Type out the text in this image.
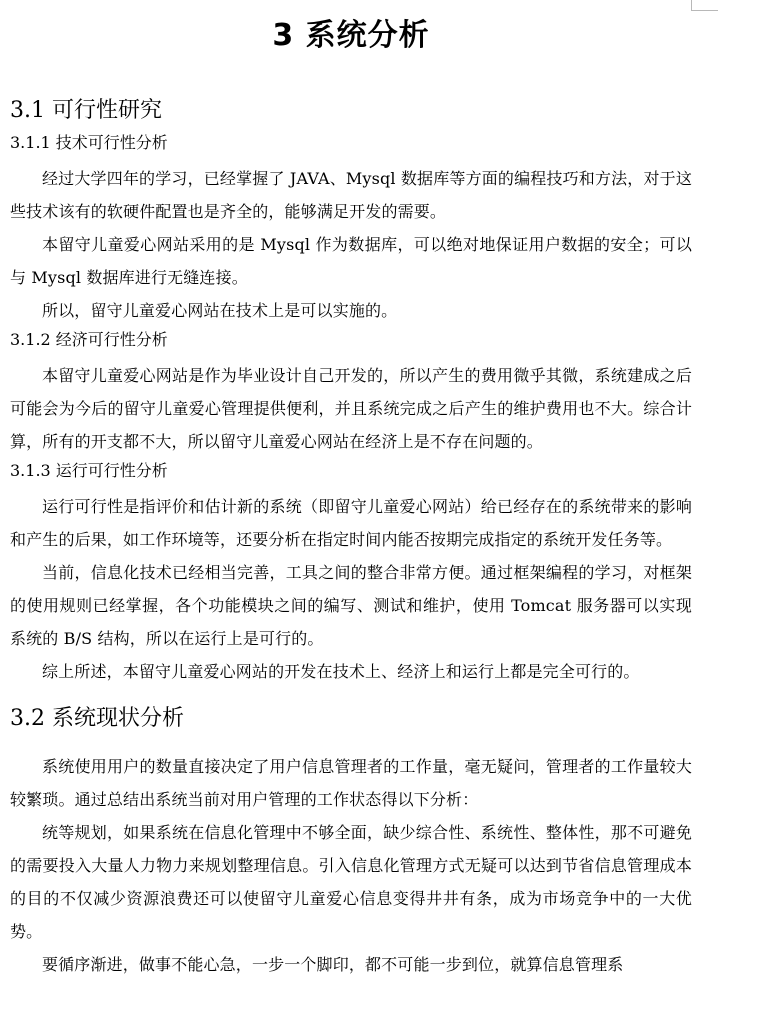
3 系统分析
3.1 可行性研究
3.1.1 技术可行性分析

经过大学四年的学习，已经掌握了 JAVA、Mysql 数据库等方面的编程技巧和方法，对于这些技术该有的软硬件配置也是齐全的，能够满足开发的需要。

本留守儿童爱心网站采用的是 Mysql 作为数据库，可以绝对地保证用户数据的安全；可以与 Mysql 数据库进行无缝连接。

所以，留守儿童爱心网站在技术上是可以实施的。

3.1.2 经济可行性分析

本留守儿童爱心网站是作为毕业设计自己开发的，所以产生的费用微乎其微，系统建成之后可能会为今后的留守儿童爱心管理提供便利，并且系统完成之后产生的维护费用也不大。综合计算，所有的开支都不大，所以留守儿童爱心网站在经济上是不存在问题的。

3.1.3 运行可行性分析

运行可行性是指评价和估计新的系统（即留守儿童爱心网站）给已经存在的系统带来的影响和产生的后果，如工作环境等，还要分析在指定时间内能否按期完成指定的系统开发任务等。

当前，信息化技术已经相当完善，工具之间的整合非常方便。通过框架编程的学习，对框架的使用规则已经掌握，各个功能模块之间的编写、测试和维护，使用 Tomcat 服务器可以实现系统的 B/S 结构，所以在运行上是可行的。

综上所述，本留守儿童爱心网站的开发在技术上、经济上和运行上都是完全可行的。

3.2 系统现状分析

系统使用用户的数量直接决定了用户信息管理者的工作量，毫无疑问，管理者的工作量较大较繁琐。通过总结出系统当前对用户管理的工作状态得以下分析：

统等规划，如果系统在信息化管理中不够全面，缺少综合性、系统性、整体性，那不可避免的需要投入大量人力物力来规划整理信息。引入信息化管理方式无疑可以达到节省信息管理成本的目的不仅减少资源浪费还可以使留守儿童爱心信息变得井井有条，成为市场竞争中的一大优势。

要循序渐进，做事不能心急，一步一个脚印，都不可能一步到位，就算信息管理系
